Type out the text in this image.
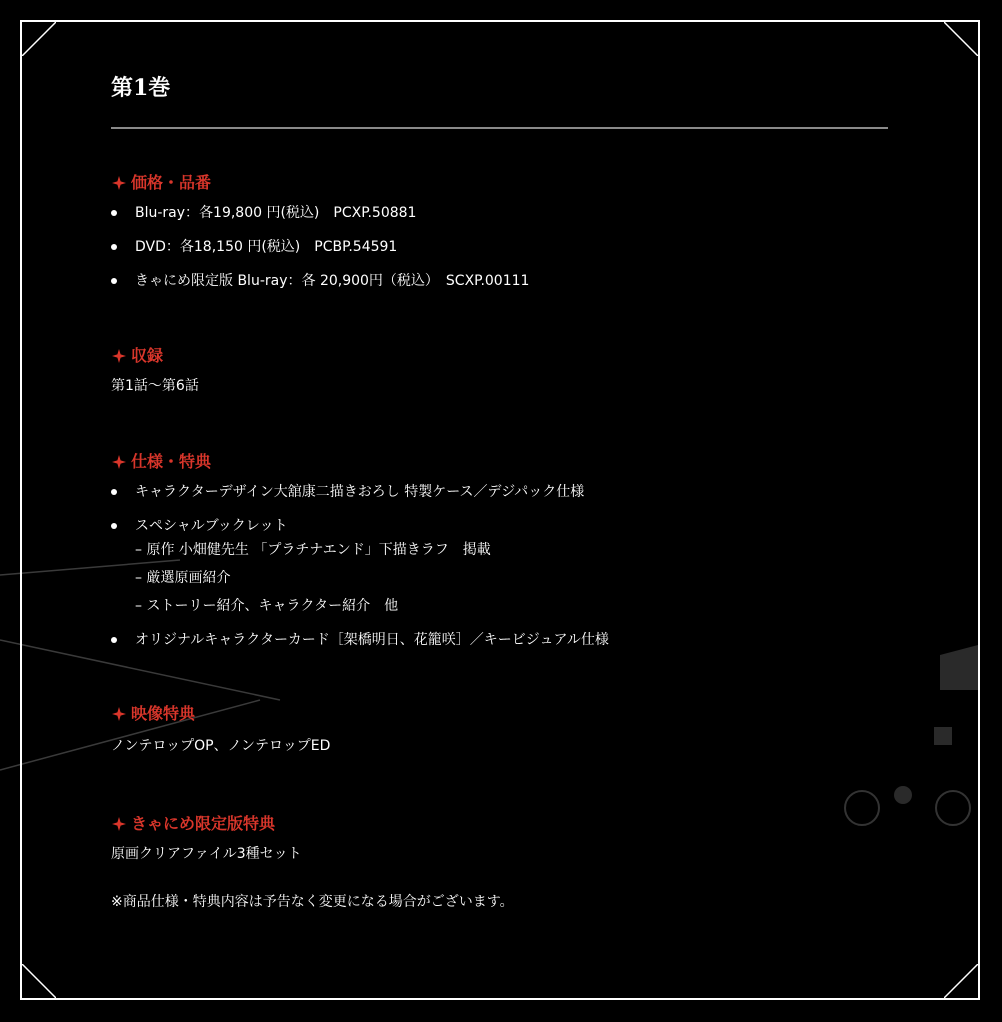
第1巻
価格・品番
Blu-ray：各19,800 円(税込)　PCXP.50881
DVD：各18,150 円(税込)　PCBP.54591
きゃにめ限定版 Blu-ray：各 20,900円（税込）　SCXP.00111
収録
第1話〜第6話
仕様・特典
キャラクターデザイン大舘康二描きおろし 特製ケース／デジパック仕様
スペシャルブックレット
– 原作 小畑健先生 「プラチナエンド」下描きラフ　掲載
– 厳選原画紹介
– ストーリー紹介、キャラクター紹介　他
オリジナルキャラクターカード［架橋明日、花籠咲］／キービジュアル仕様
映像特典
ノンテロップOP、ノンテロップED
きゃにめ限定版特典
原画クリアファイル3種セット
※商品仕様・特典内容は予告なく変更になる場合がございます。
